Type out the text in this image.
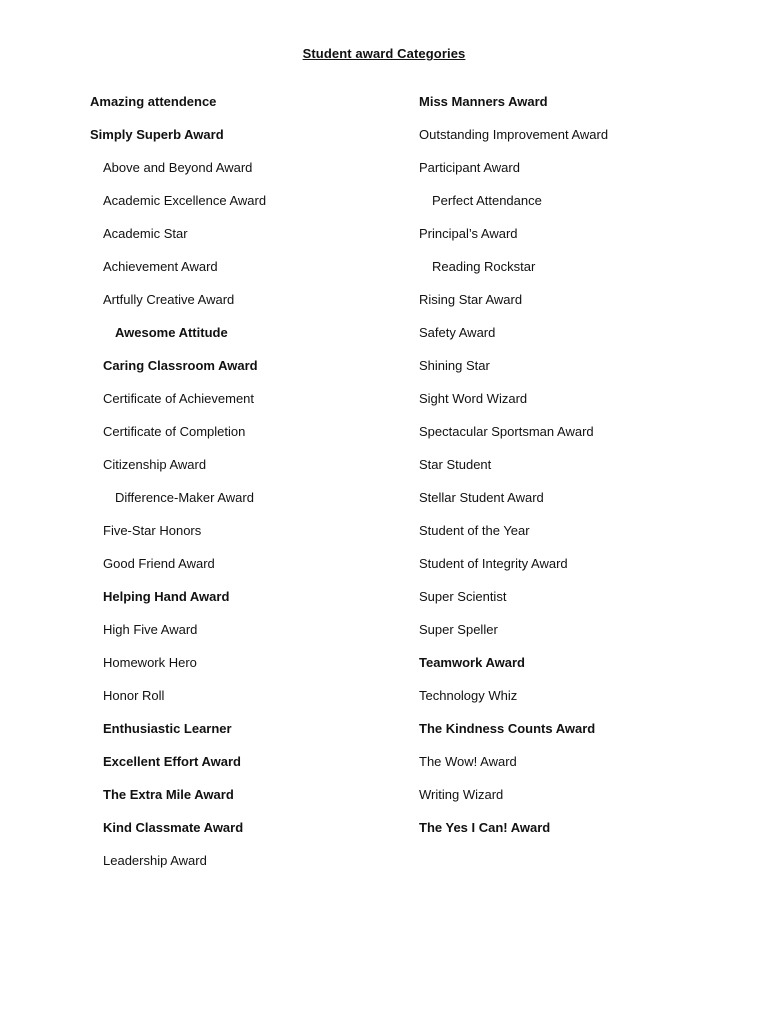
Student award Categories
Amazing attendence
Simply Superb Award
Above and Beyond Award
Academic Excellence Award
Academic Star
Achievement Award
Artfully Creative Award
Awesome Attitude
Caring Classroom Award
Certificate of Achievement
Certificate of Completion
Citizenship Award
Difference-Maker Award
Five-Star Honors
Good Friend Award
Helping Hand Award
High Five Award
Homework Hero
Honor Roll
Enthusiastic Learner
Excellent Effort Award
The Extra Mile Award
Kind Classmate Award
Leadership Award
Miss Manners Award
Outstanding Improvement Award
Participant Award
Perfect Attendance
Principal’s Award
Reading Rockstar
Rising Star Award
Safety Award
Shining Star
Sight Word Wizard
Spectacular Sportsman Award
Star Student
Stellar Student Award
Student of the Year
Student of Integrity Award
Super Scientist
Super Speller
Teamwork Award
Technology Whiz
The Kindness Counts Award
The Wow! Award
Writing Wizard
The Yes I Can! Award
